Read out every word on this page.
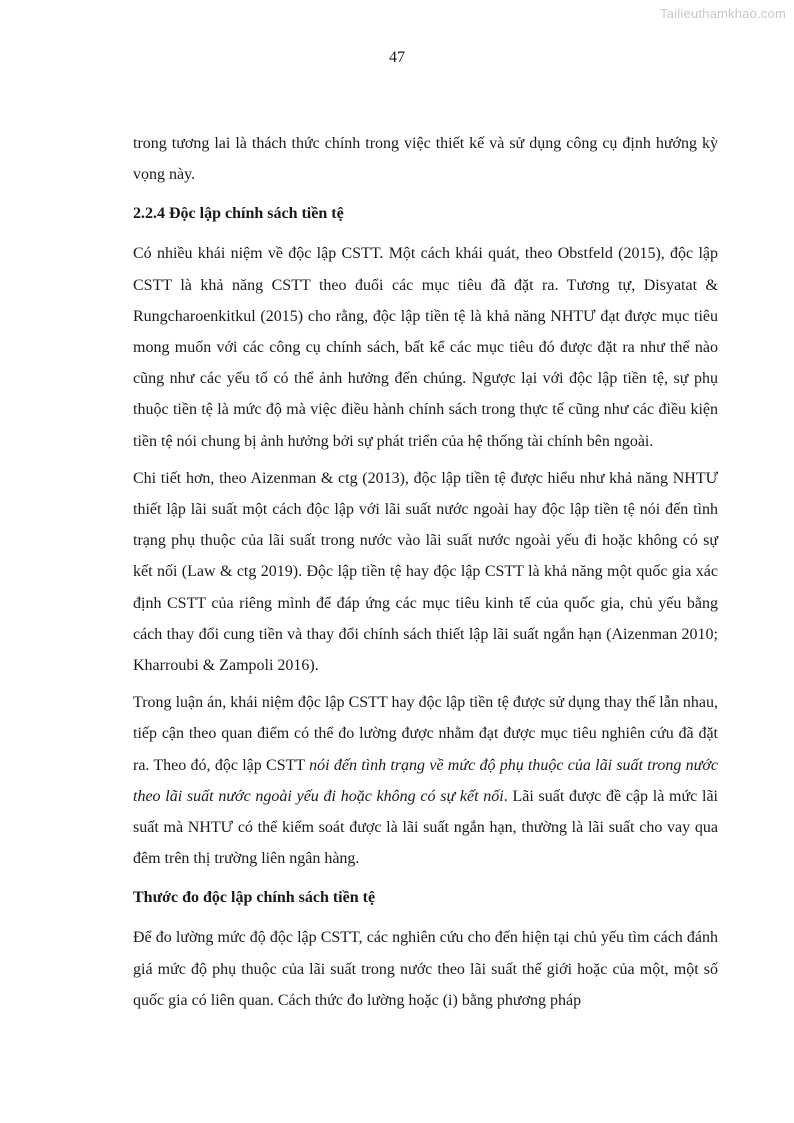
Tailieuthamkhao.com
47

trong tương lai là thách thức chính trong việc thiết kế và sử dụng công cụ định hướng kỳ vọng này.

2.2.4 Độc lập chính sách tiền tệ

Có nhiều khái niệm về độc lập CSTT. Một cách khái quát, theo Obstfeld (2015), độc lập CSTT là khả năng CSTT theo đuổi các mục tiêu đã đặt ra. Tương tự, Disyatat & Rungcharoenkitkul (2015) cho rằng, độc lập tiền tệ là khả năng NHTƯ đạt được mục tiêu mong muốn với các công cụ chính sách, bất kể các mục tiêu đó được đặt ra như thế nào cũng như các yếu tố có thể ảnh hưởng đến chúng. Ngược lại với độc lập tiền tệ, sự phụ thuộc tiền tệ là mức độ mà việc điều hành chính sách trong thực tế cũng như các điều kiện tiền tệ nói chung bị ảnh hưởng bởi sự phát triển của hệ thống tài chính bên ngoài.

Chi tiết hơn, theo Aizenman & ctg (2013), độc lập tiền tệ được hiểu như khả năng NHTƯ thiết lập lãi suất một cách độc lập với lãi suất nước ngoài hay độc lập tiền tệ nói đến tình trạng phụ thuộc của lãi suất trong nước vào lãi suất nước ngoài yếu đi hoặc không có sự kết nối (Law & ctg 2019). Độc lập tiền tệ hay độc lập CSTT là khả năng một quốc gia xác định CSTT của riêng mình để đáp ứng các mục tiêu kinh tế của quốc gia, chủ yếu bằng cách thay đổi cung tiền và thay đổi chính sách thiết lập lãi suất ngắn hạn (Aizenman 2010; Kharroubi & Zampoli 2016).

Trong luận án, khái niệm độc lập CSTT hay độc lập tiền tệ được sử dụng thay thế lẫn nhau, tiếp cận theo quan điểm có thể đo lường được nhằm đạt được mục tiêu nghiên cứu đã đặt ra. Theo đó, độc lập CSTT nói đến tình trạng về mức độ phụ thuộc của lãi suất trong nước theo lãi suất nước ngoài yếu đi hoặc không có sự kết nối. Lãi suất được đề cập là mức lãi suất mà NHTƯ có thể kiểm soát được là lãi suất ngắn hạn, thường là lãi suất cho vay qua đêm trên thị trường liên ngân hàng.

Thước đo độc lập chính sách tiền tệ

Để đo lường mức độ độc lập CSTT, các nghiên cứu cho đến hiện tại chủ yếu tìm cách đánh giá mức độ phụ thuộc của lãi suất trong nước theo lãi suất thế giới hoặc của một, một số quốc gia có liên quan. Cách thức đo lường hoặc (i) bằng phương pháp
